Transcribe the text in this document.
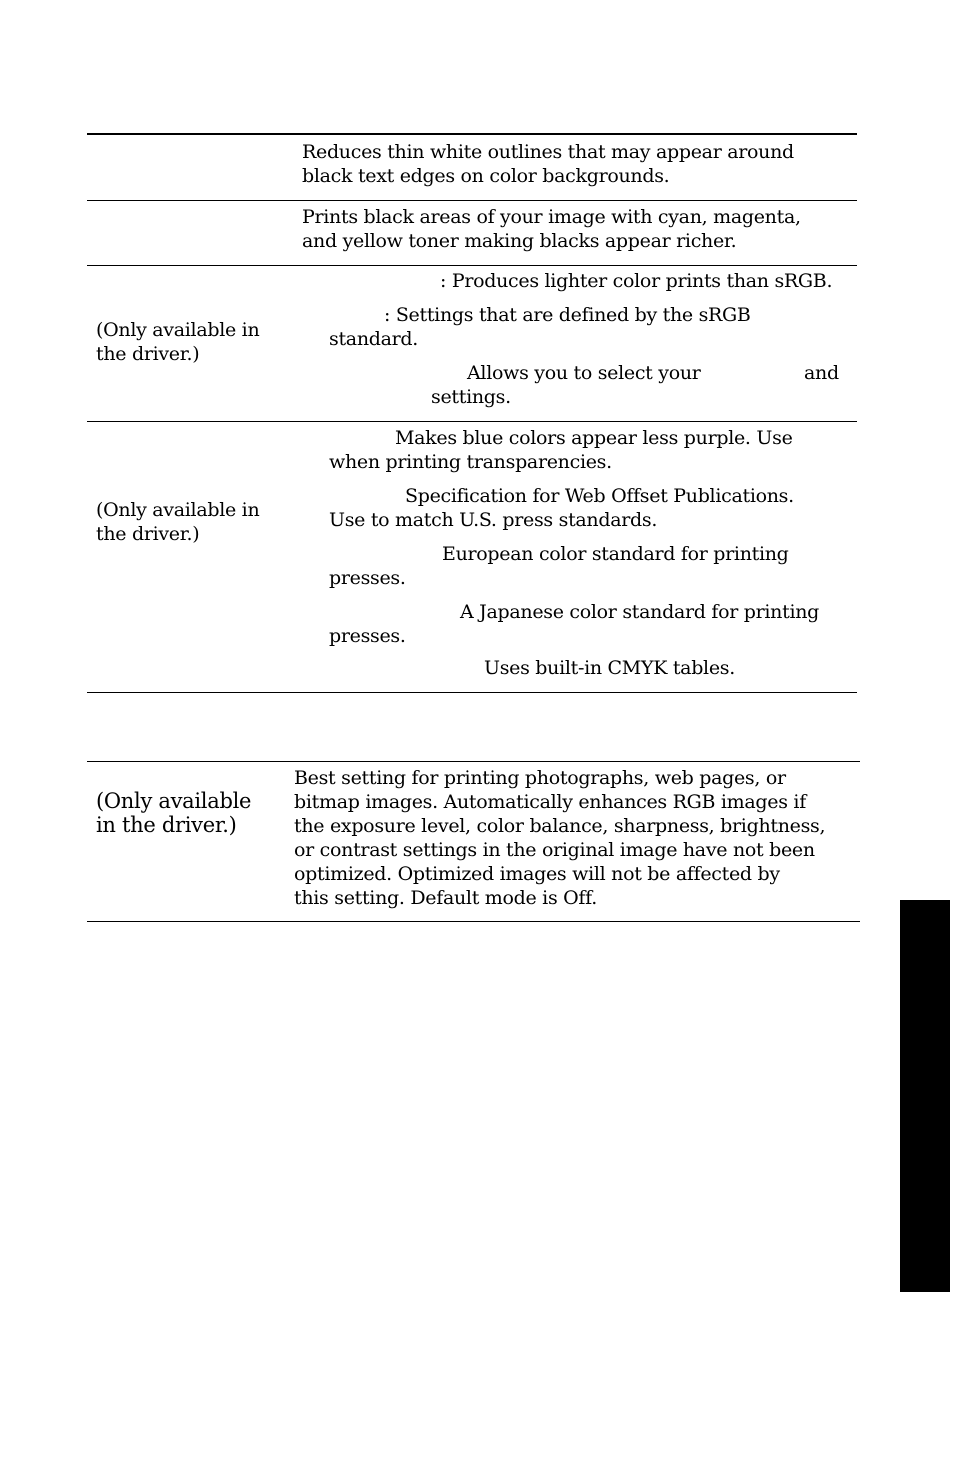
Reduces thin white outlines that may appear around
black text edges on color backgrounds.
Prints black areas of your image with cyan, magenta,
and yellow toner making blacks appear richer.
(Only available in
the driver.)
: Produces lighter color prints than sRGB.
: Settings that are defined by the sRGB
standard.
Allows you to select your	and
settings.
(Only available in
the driver.)
Makes blue colors appear less purple. Use
when printing transparencies.
Specification for Web Offset Publications.
Use to match U.S. press standards.
European color standard for printing
presses.
A Japanese color standard for printing
presses.
Uses built-in CMYK tables.
(Only available
in the driver.)
Best setting for printing photographs, web pages, or
bitmap images. Automatically enhances RGB images if
the exposure level, color balance, sharpness, brightness,
or contrast settings in the original image have not been
optimized. Optimized images will not be affected by
this setting. Default mode is Off.
